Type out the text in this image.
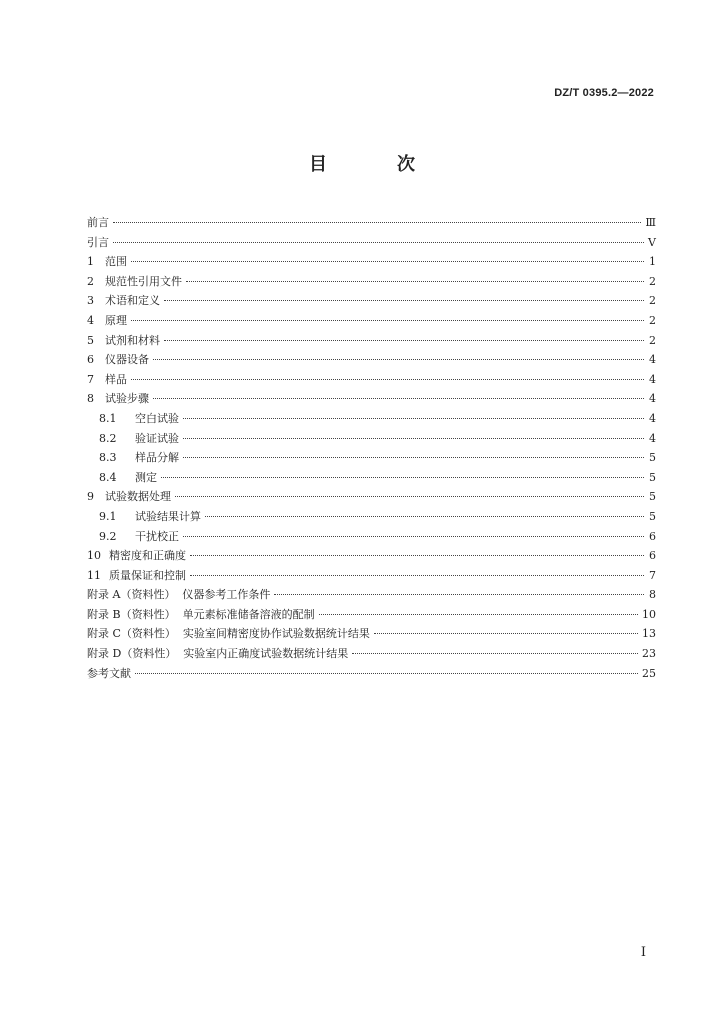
DZ/T 0395.2—2022
目　次
前言	Ⅲ
引言	Ⅴ
1	范围	1
2	规范性引用文件	2
3	术语和定义	2
4	原理	2
5	试剂和材料	2
6	仪器设备	4
7	样品	4
8	试验步骤	4
8.1	空白试验	4
8.2	验证试验	4
8.3	样品分解	5
8.4	测定	5
9	试验数据处理	5
9.1	试验结果计算	5
9.2	干扰校正	6
10 精密度和正确度	6
11 质量保证和控制	7
附录 A（资料性）  仪器参考工作条件	8
附录 B（资料性）  单元素标准储备溶液的配制	10
附录 C（资料性）  实验室间精密度协作试验数据统计结果	13
附录 D（资料性）  实验室内正确度试验数据统计结果	23
参考文献	25
Ⅰ
